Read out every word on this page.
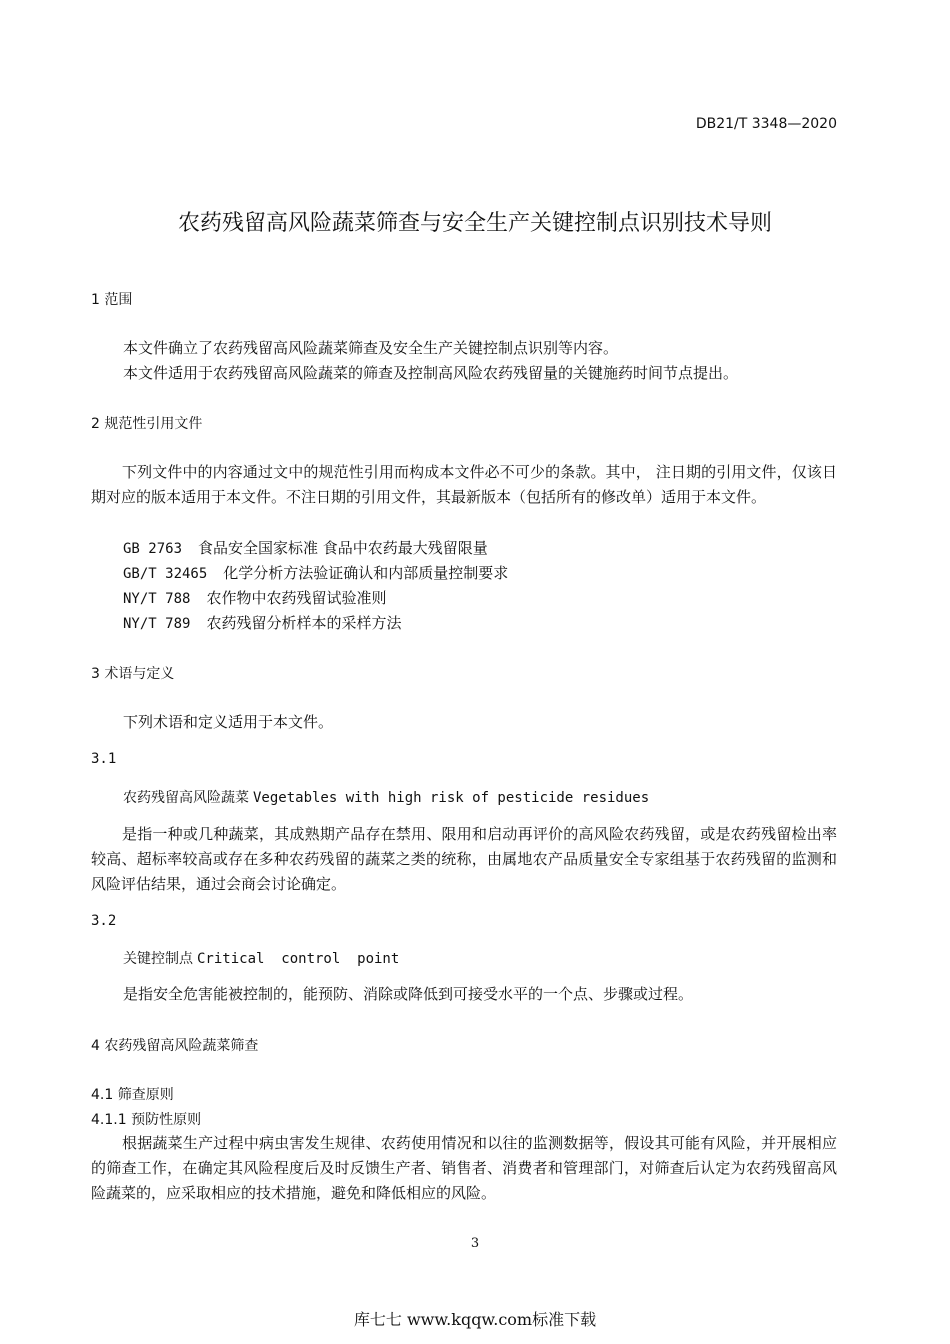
DB21/T 3348—2020
农药残留高风险蔬菜筛查与安全生产关键控制点识别技术导则
1 范围
本文件确立了农药残留高风险蔬菜筛查及安全生产关键控制点识别等内容。
本文件适用于农药残留高风险蔬菜的筛查及控制高风险农药残留量的关键施药时间节点提出。
2 规范性引用文件
下列文件中的内容通过文中的规范性引用而构成本文件必不可少的条款。其中， 注日期的引用文件，仅该日期对应的版本适用于本文件。不注日期的引用文件，其最新版本（包括所有的修改单）适用于本文件。
GB 2763 食品安全国家标准 食品中农药最大残留限量
GB/T 32465 化学分析方法验证确认和内部质量控制要求
NY/T 788 农作物中农药残留试验准则
NY/T 789 农药残留分析样本的采样方法
3 术语与定义
下列术语和定义适用于本文件。
3.1
农药残留高风险蔬菜 Vegetables with high risk of pesticide residues
是指一种或几种蔬菜，其成熟期产品存在禁用、限用和启动再评价的高风险农药残留，或是农药残留检出率较高、超标率较高或存在多种农药残留的蔬菜之类的统称，由属地农产品质量安全专家组基于农药残留的监测和风险评估结果，通过会商会讨论确定。
3.2
关键控制点 Critical  control  point
是指安全危害能被控制的，能预防、消除或降低到可接受水平的一个点、步骤或过程。
4 农药残留高风险蔬菜筛查
4.1 筛查原则
4.1.1 预防性原则
根据蔬菜生产过程中病虫害发生规律、农药使用情况和以往的监测数据等，假设其可能有风险，并开展相应的筛查工作，在确定其风险程度后及时反馈生产者、销售者、消费者和管理部门，对筛查后认定为农药残留高风险蔬菜的，应采取相应的技术措施，避免和降低相应的风险。
3
库七七 www.kqqw.com标准下载
